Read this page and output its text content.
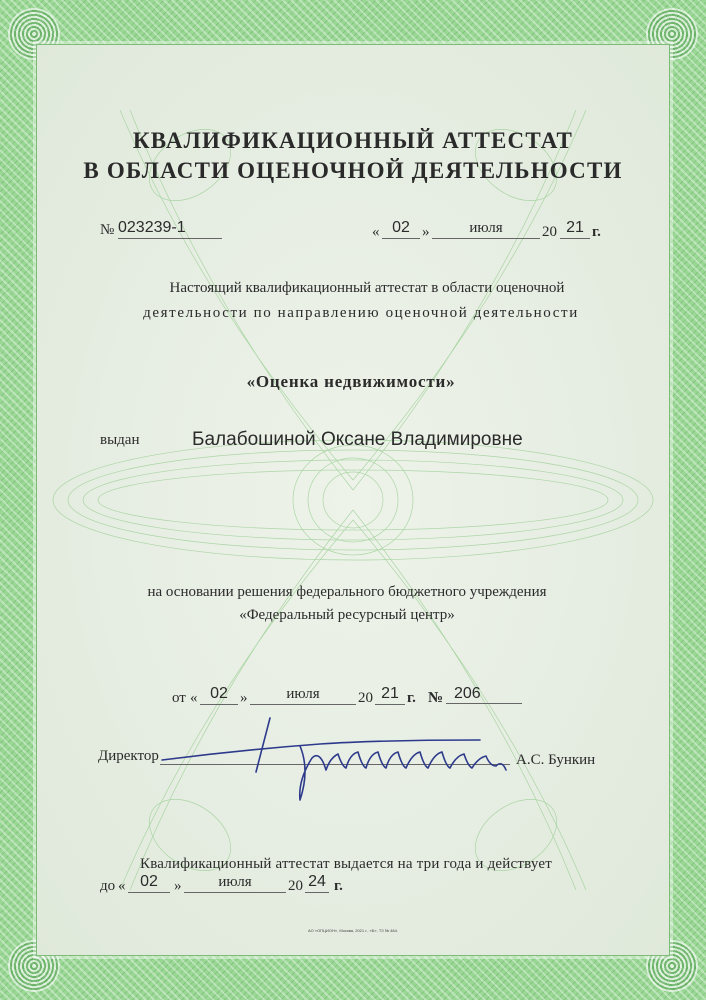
КВАЛИФИКАЦИОННЫЙ АТТЕСТАТ
В ОБЛАСТИ ОЦЕНОЧНОЙ ДЕЯТЕЛЬНОСТИ
№ 023239-1	« 02 »	июля	20 21 г.
Настоящий квалификационный аттестат в области оценочной
деятельности по направлению оценочной деятельности
«Оценка недвижимости»
выдан	Балабошиной Оксане Владимировне
на основании решения федерального бюджетного учреждения
«Федеральный ресурсный центр»
от « 02 »	июля	20 21 г. № 206
Директор	А.С. Бункин
Квалификационный аттестат выдается на три года и действует
до « 02	»	июля	20 24 г.
АО «ОПЦИОН», Москва, 2021 г., «Б», ТЗ № 484.
